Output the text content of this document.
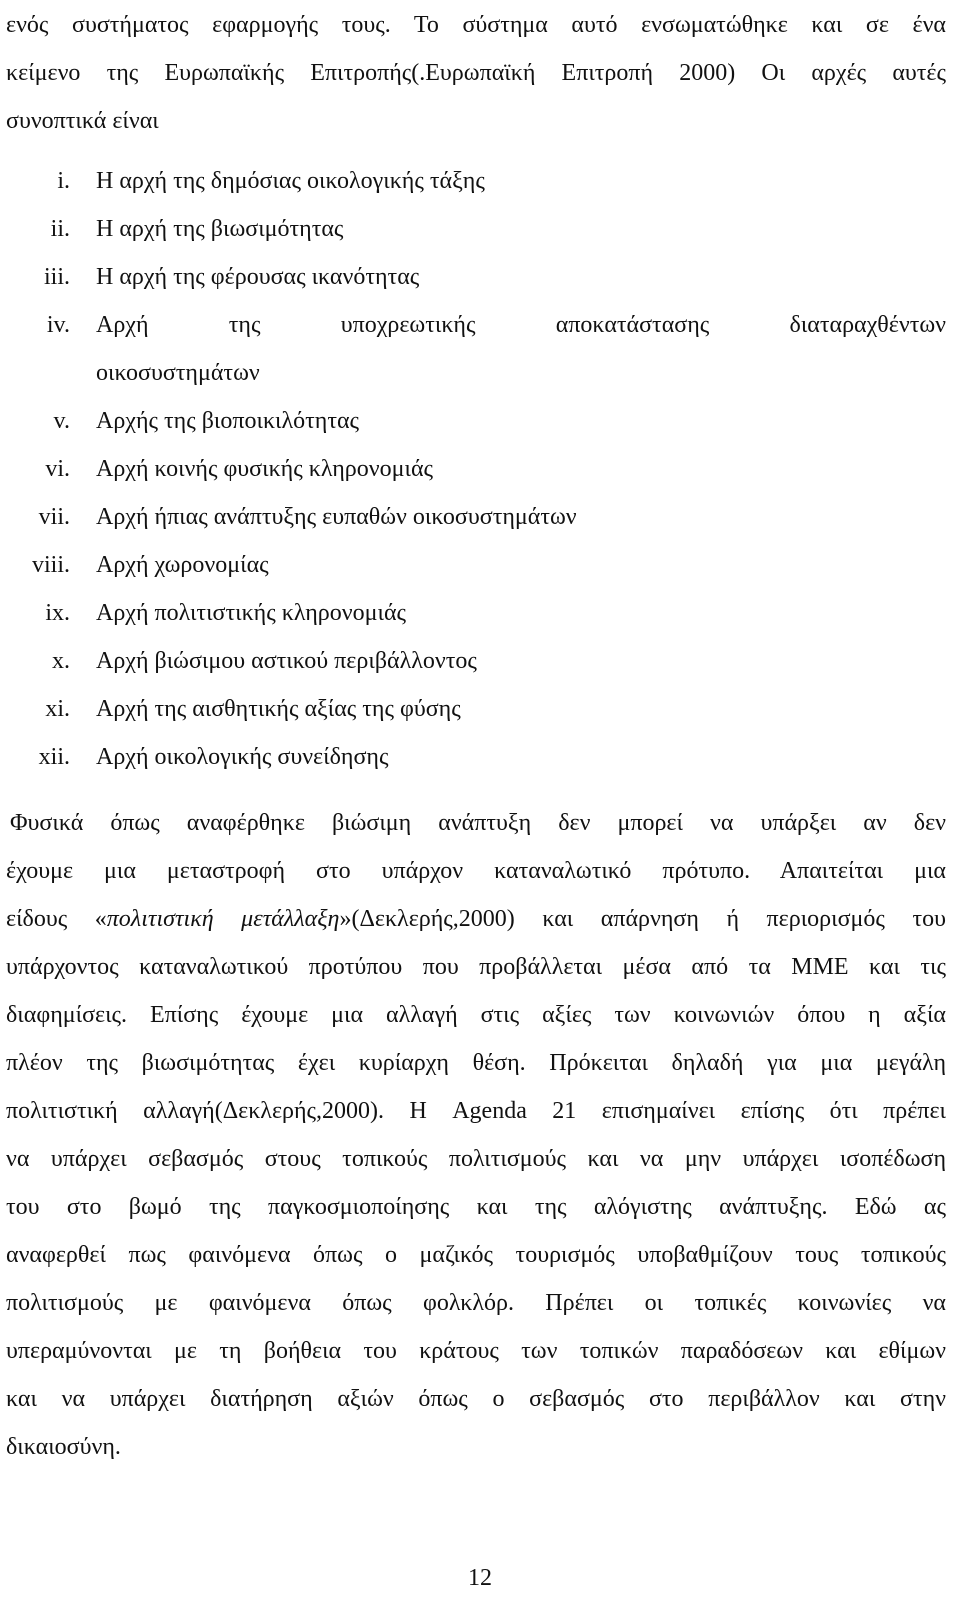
ενός συστήματος εφαρμογής τους. Το σύστημα αυτό ενσωματώθηκε και σε ένα
κείμενο της Ευρωπαϊκής Επιτροπής(.Ευρωπαϊκή Επιτροπή 2000) Οι αρχές αυτές
συνοπτικά είναι
i.	Η αρχή της δημόσιας οικολογικής τάξης
ii.	Η αρχή της βιωσιμότητας
iii.	Η αρχή της φέρουσας ικανότητας
iv.	Αρχή της υποχρεωτικής αποκατάστασης διαταραχθέντων
οικοσυστημάτων
v.	Αρχής της βιοποικιλότητας
vi.	Αρχή κοινής φυσικής κληρονομιάς
vii.	Αρχή ήπιας ανάπτυξης ευπαθών οικοσυστημάτων
viii.	Αρχή χωρονομίας
ix.	Αρχή πολιτιστικής κληρονομιάς
x.	Αρχή βιώσιμου αστικού περιβάλλοντος
xi.	Αρχή της αισθητικής αξίας της φύσης
xii.	Αρχή οικολογικής συνείδησης
Φυσικά όπως αναφέρθηκε βιώσιμη ανάπτυξη δεν μπορεί να υπάρξει αν δεν
έχουμε μια μεταστροφή στο υπάρχον καταναλωτικό πρότυπο. Απαιτείται μια
είδους «πολιτιστική μετάλλαξη»(Δεκλερής,2000) και απάρνηση ή περιορισμός του
υπάρχοντος καταναλωτικού προτύπου που προβάλλεται μέσα από τα ΜΜΕ και τις
διαφημίσεις. Επίσης έχουμε μια αλλαγή στις αξίες των κοινωνιών όπου η αξία
πλέον της βιωσιμότητας έχει κυρίαρχη θέση. Πρόκειται δηλαδή για μια μεγάλη
πολιτιστική αλλαγή(Δεκλερής,2000). Η Agenda 21 επισημαίνει επίσης ότι πρέπει
να υπάρχει σεβασμός στους τοπικούς πολιτισμούς και να μην υπάρχει ισοπέδωση
του στο βωμό της παγκοσμιοποίησης και της αλόγιστης ανάπτυξης. Εδώ ας
αναφερθεί πως φαινόμενα όπως ο μαζικός τουρισμός υποβαθμίζουν τους τοπικούς
πολιτισμούς με φαινόμενα όπως φολκλόρ. Πρέπει οι τοπικές κοινωνίες να
υπεραμύνονται με τη βοήθεια του κράτους των τοπικών παραδόσεων και εθίμων
και να υπάρχει διατήρηση αξιών όπως ο σεβασμός στο περιβάλλον και στην
δικαιοσύνη.
12
